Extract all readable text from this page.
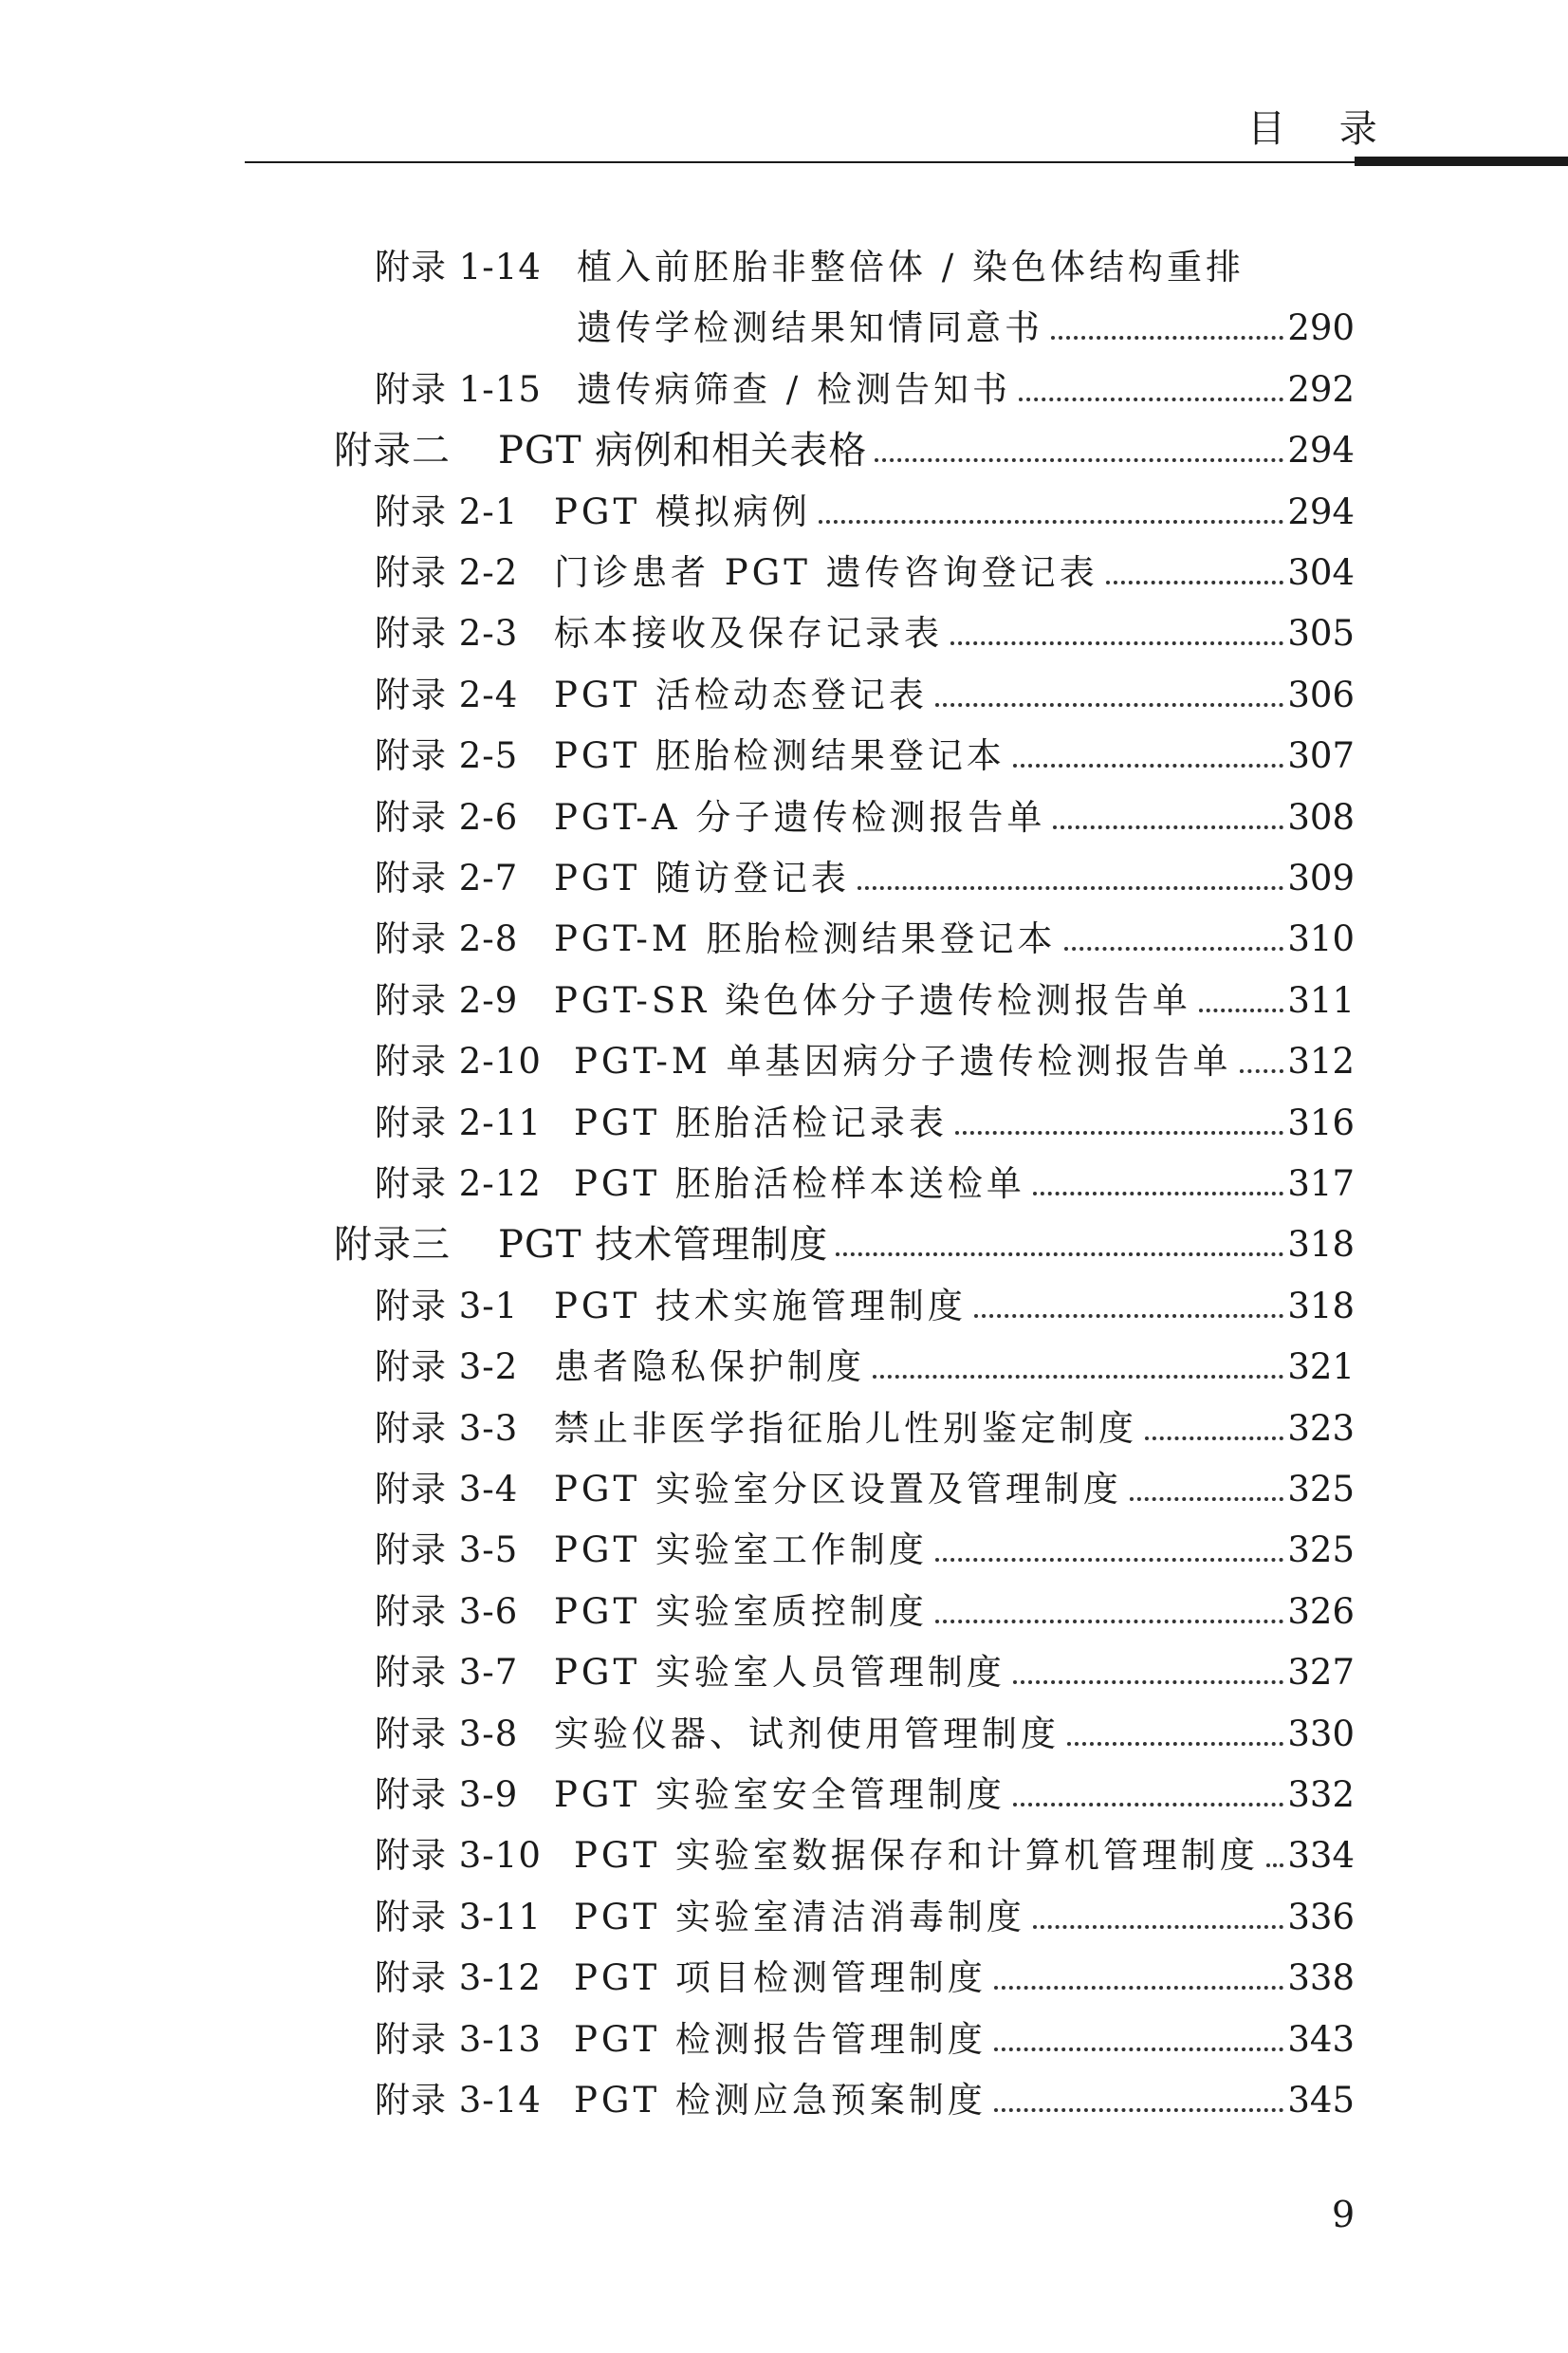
目 录
附录 1-14 植入前胚胎非整倍体 / 染色体结构重排
遗传学检测结果知情同意书	290
附录 1-15 遗传病筛查 / 检测告知书	292
附录二 PGT 病例和相关表格	294
附录 2-1 PGT 模拟病例	294
附录 2-2 门诊患者 PGT 遗传咨询登记表	304
附录 2-3 标本接收及保存记录表	305
附录 2-4 PGT 活检动态登记表	306
附录 2-5 PGT 胚胎检测结果登记本	307
附录 2-6 PGT-A 分子遗传检测报告单	308
附录 2-7 PGT 随访登记表	309
附录 2-8 PGT-M 胚胎检测结果登记本	310
附录 2-9 PGT-SR 染色体分子遗传检测报告单	311
附录 2-10 PGT-M 单基因病分子遗传检测报告单 312
附录 2-11 PGT 胚胎活检记录表	316
附录 2-12 PGT 胚胎活检样本送检单	317
附录三 PGT 技术管理制度	318
附录 3-1 PGT 技术实施管理制度	318
附录 3-2 患者隐私保护制度	321
附录 3-3 禁止非医学指征胎儿性别鉴定制度	323
附录 3-4 PGT 实验室分区设置及管理制度	325
附录 3-5 PGT 实验室工作制度	325
附录 3-6 PGT 实验室质控制度	326
附录 3-7 PGT 实验室人员管理制度	327
附录 3-8 实验仪器、试剂使用管理制度	330
附录 3-9 PGT 实验室安全管理制度	332
附录 3-10 PGT 实验室数据保存和计算机管理制度 334
附录 3-11 PGT 实验室清洁消毒制度	336
附录 3-12 PGT 项目检测管理制度	338
附录 3-13 PGT 检测报告管理制度	343
附录 3-14 PGT 检测应急预案制度	345
9
